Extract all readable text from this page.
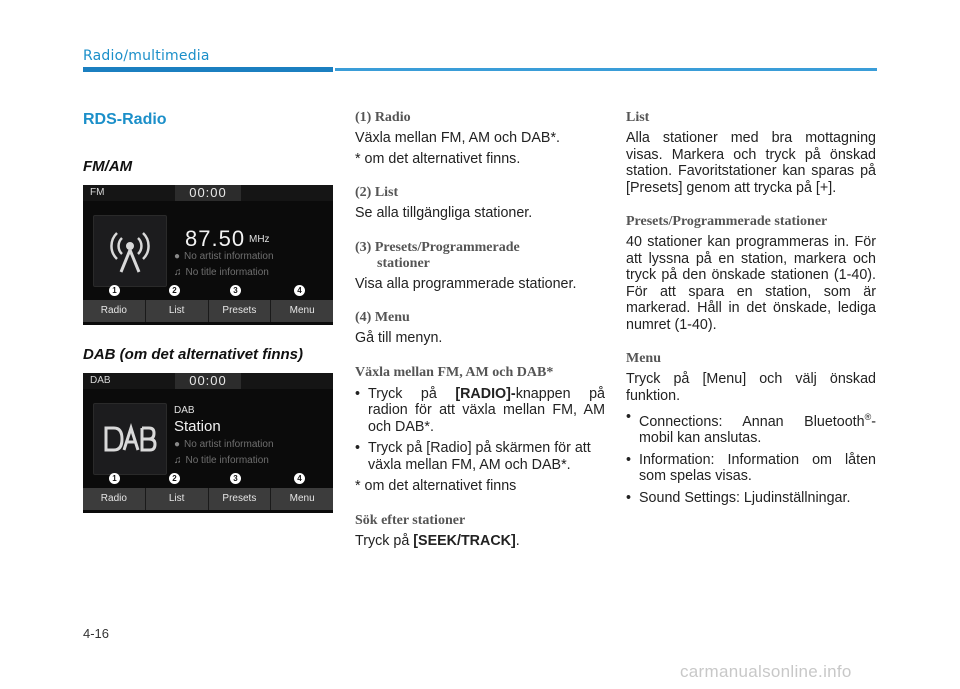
Radio/multimedia
RDS-Radio
FM/AM
FM	00:00
87.50 MHz
● No artist information
♫ No title information
1	2	3	4
Radio	List	Presets	Menu
DAB (om det alternativet finns)
DAB	00:00
DAB
Station
● No artist information
♫ No title information
1	2	3	4
Radio	List	Presets	Menu

(1) Radio

Växla mellan FM, AM och DAB*.

* om det alternativet finns.

(2) List

Se alla tillgängliga stationer.

(3) Presets/Programmerade
stationer

Visa alla programmerade stationer.

(4) Menu

Gå till menyn.

Växla mellan FM, AM och DAB*

• Tryck på [RADIO]-knappen på radion för att växla mellan FM, AM och DAB*.
• Tryck på [Radio] på skärmen för att växla mellan FM, AM och DAB*.

* om det alternativet finns

Sök efter stationer

Tryck på [SEEK/TRACK].

List

Alla stationer med bra mottagning visas. Markera och tryck på önskad station. Favoritstationer kan sparas på [Presets] genom att trycka på [+].

Presets/Programmerade stationer

40 stationer kan programmeras in. För att lyssna på en station, markera och tryck på den önskade stationen (1-40). För att spara en station, som är markerad. Håll in det önskade, lediga numret (1-40).

Menu

Tryck på [Menu] och välj önskad funktion.

• Connections: Annan Bluetooth®-mobil kan anslutas.
• Information: Information om låten som spelas visas.
• Sound Settings: Ljudinställningar.
4-16
carmanualsonline.info
